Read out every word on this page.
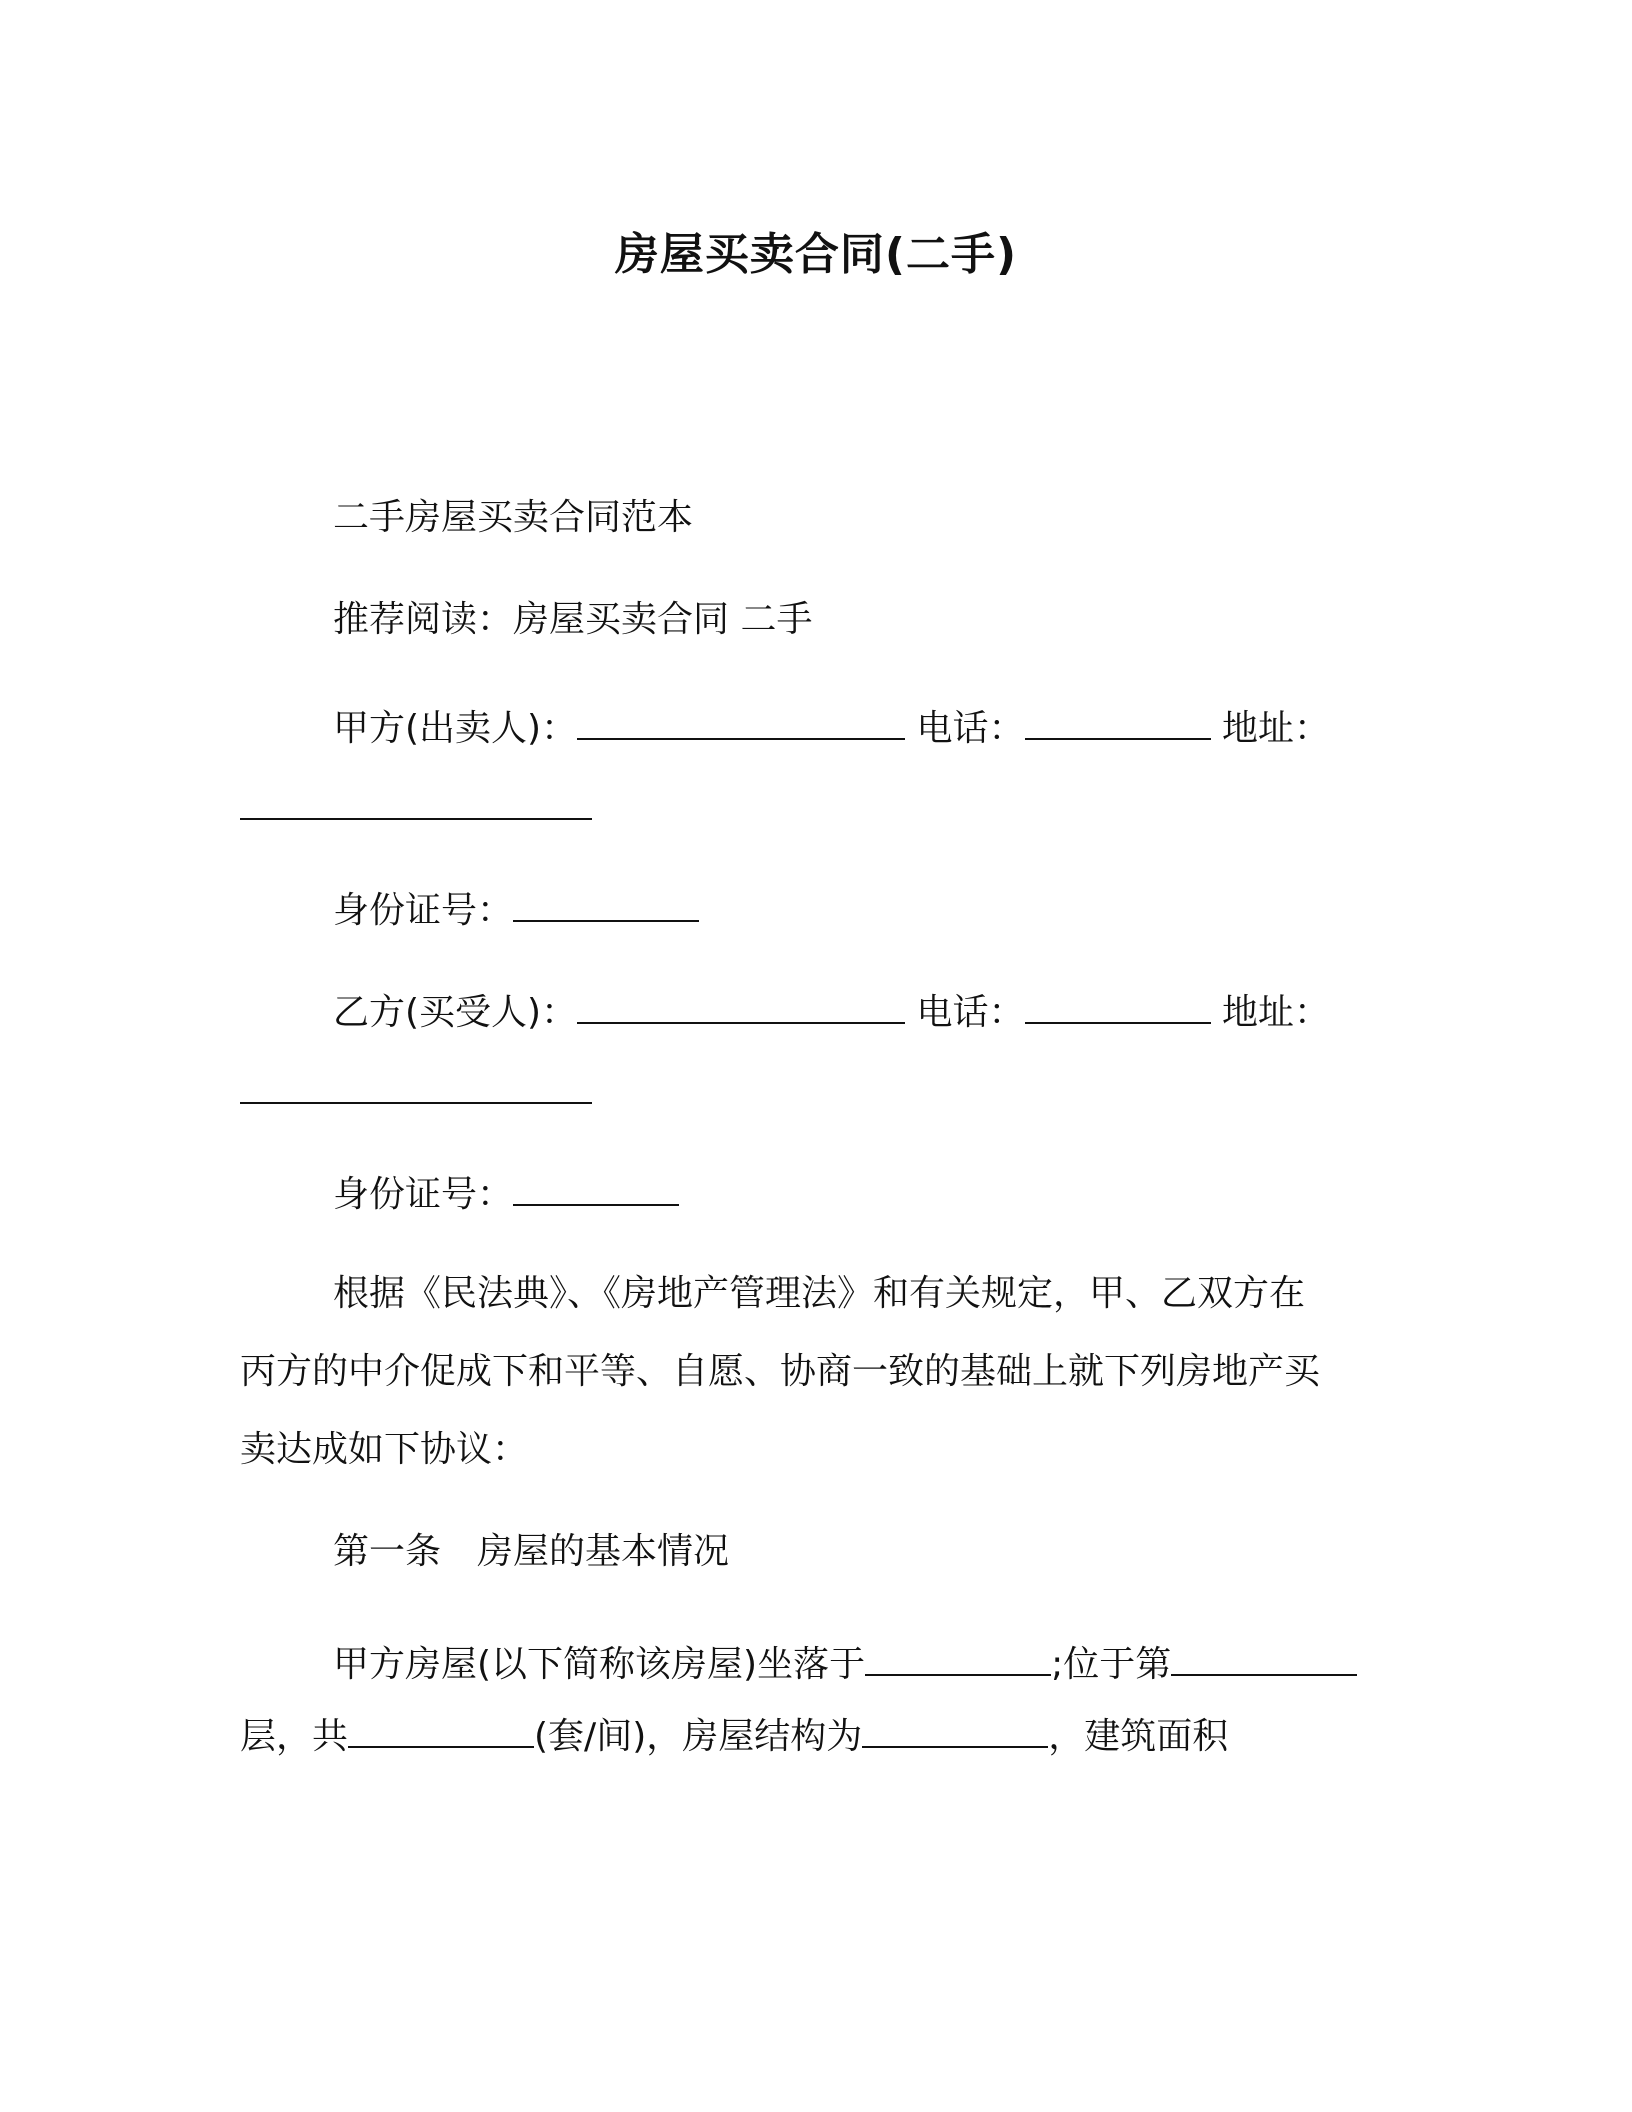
房屋买卖合同(二手)
二手房屋买卖合同范本
推荐阅读：房屋买卖合同 二手
甲方(出卖人)：	电话：	地址：
身份证号：
乙方(买受人)：	电话：	地址：
身份证号：
根据《民法典》、《房地产管理法》和有关规定，甲、乙双方在
丙方的中介促成下和平等、自愿、协商一致的基础上就下列房地产买
卖达成如下协议：
第一条　房屋的基本情况
甲方房屋(以下简称该房屋)坐落于	;位于第
层，共	(套/间)，房屋结构为	，建筑面积
